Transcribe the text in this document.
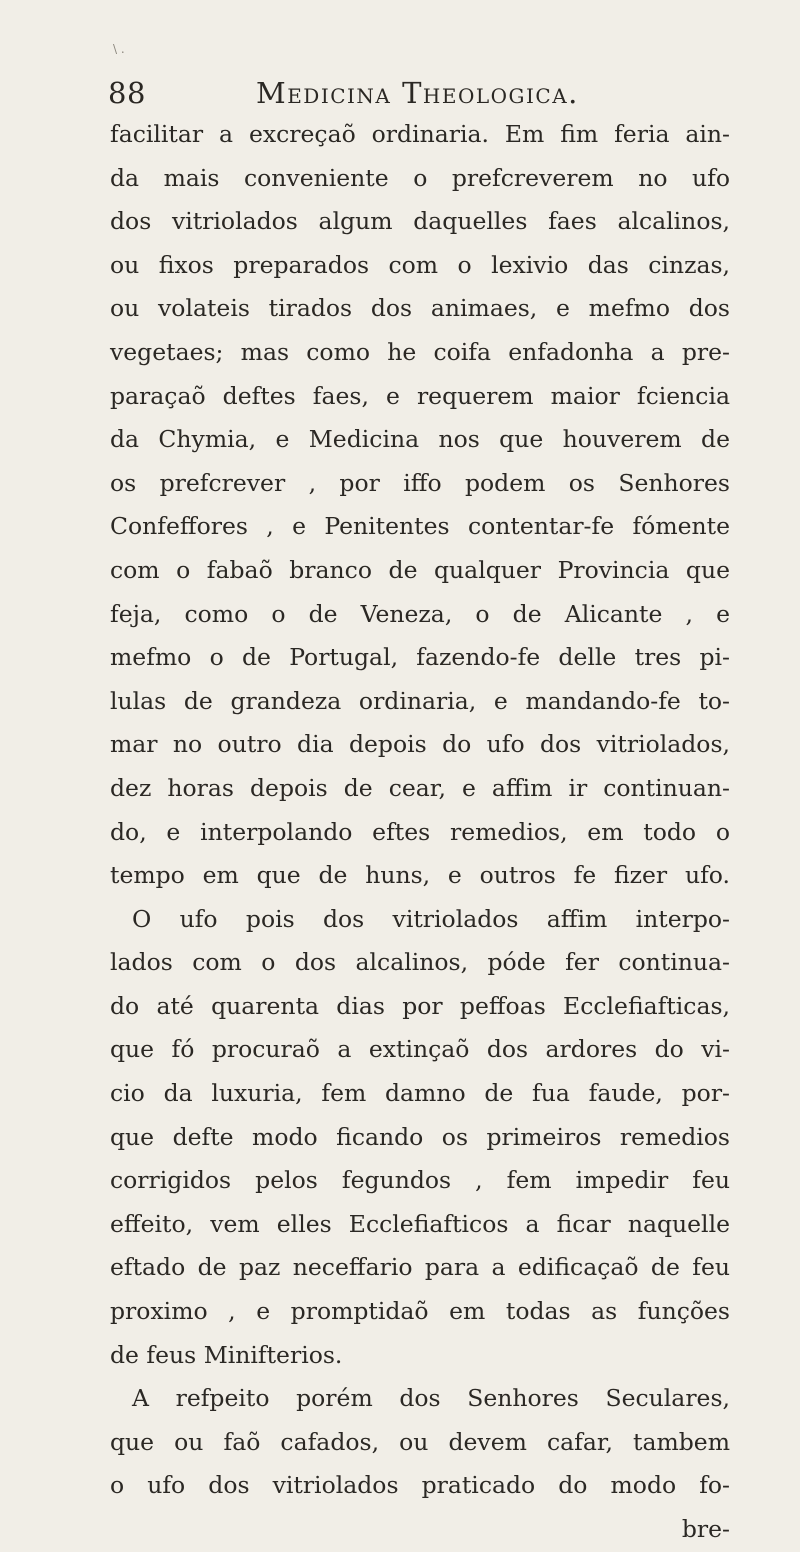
\ .
88	Medicina Theologica.
facilitar a excreçaõ ordinaria. Em fim feria ain-
da mais conveniente o prefcreverem no ufo
dos vitriolados algum daquelles faes alcalinos,
ou fixos preparados com o lexivio das cinzas,
ou volateis tirados dos animaes, e mefmo dos
vegetaes; mas como he coifa enfadonha a pre-
paraçaõ deftes faes, e requerem maior fciencia
da Chymia, e Medicina nos que houverem de
os prefcrever , por iffo podem os Senhores
Confeffores , e Penitentes contentar-fe fómente
com o fabaõ branco de qualquer Provincia que
feja, como o de Veneza, o de Alicante , e
mefmo o de Portugal, fazendo-fe delle tres pi-
lulas de grandeza ordinaria, e mandando-fe to-
mar no outro dia depois do ufo dos vitriolados,
dez horas depois de cear, e affim ir continuan-
do, e interpolando eftes remedios, em todo o
tempo em que de huns, e outros fe fizer ufo.
O ufo pois dos vitriolados affim interpo-
lados com o dos alcalinos, póde fer continua-
do até quarenta dias por peffoas Ecclefiafticas,
que fó procuraõ a extinçaõ dos ardores do vi-
cio da luxuria, fem damno de fua faude, por-
que defte modo ficando os primeiros remedios
corrigidos pelos fegundos , fem impedir feu
effeito, vem elles Ecclefiafticos a ficar naquelle
eftado de paz neceffario para a edificaçaõ de feu
proximo , e promptidaõ em todas as funções
de feus Minifterios.
A refpeito porém dos Senhores Seculares,
que ou faõ cafados, ou devem cafar, tambem
o ufo dos vitriolados praticado do modo fo-
bre-
